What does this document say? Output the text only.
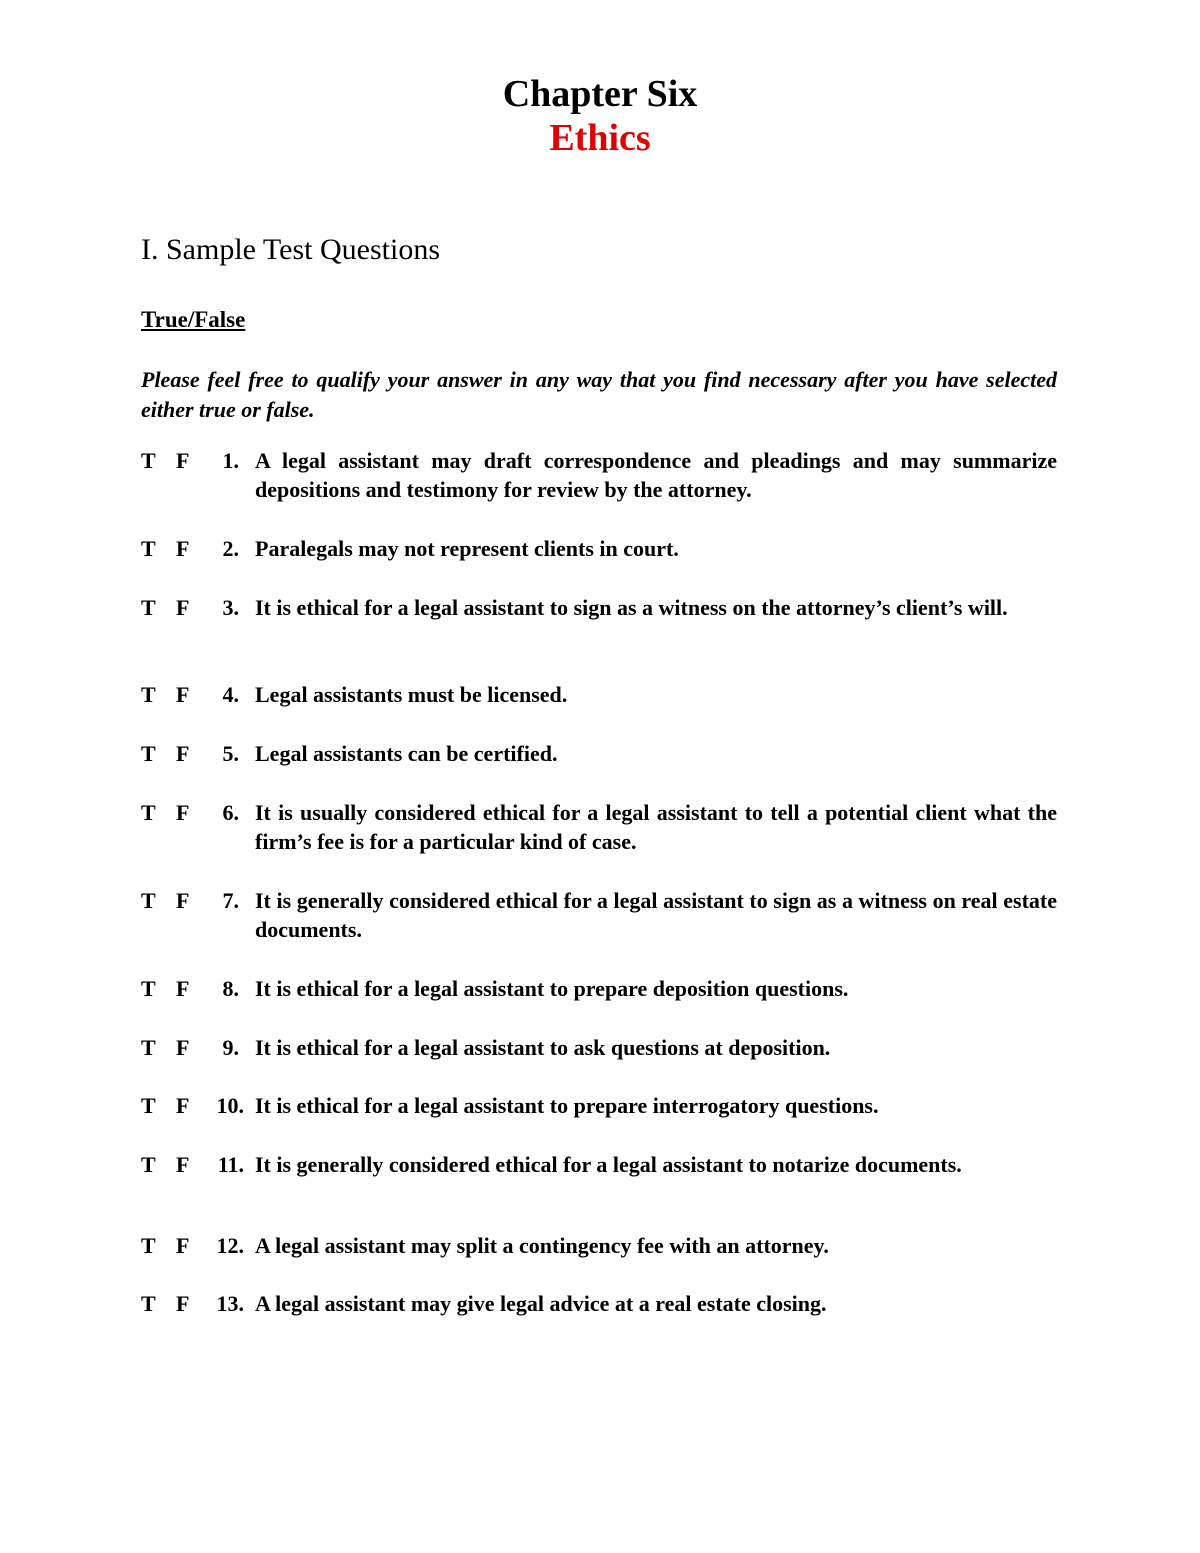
Chapter Six
Ethics
I. Sample Test Questions
True/False
Please feel free to qualify your answer in any way that you find necessary after you have selected either true or false.
T F	1. A legal assistant may draft correspondence and pleadings and may summarize depositions and testimony for review by the attorney.
T F	2. Paralegals may not represent clients in court.
T F	3. It is ethical for a legal assistant to sign as a witness on the attorney’s client’s will.
T F	4. Legal assistants must be licensed.
T F	5. Legal assistants can be certified.
T F	6. It is usually considered ethical for a legal assistant to tell a potential client what the firm’s fee is for a particular kind of case.
T F	7. It is generally considered ethical for a legal assistant to sign as a witness on real estate documents.
T F	8. It is ethical for a legal assistant to prepare deposition questions.
T F	9. It is ethical for a legal assistant to ask questions at deposition.
T F	10. It is ethical for a legal assistant to prepare interrogatory questions.
T F	11. It is generally considered ethical for a legal assistant to notarize documents.
T F	12. A legal assistant may split a contingency fee with an attorney.
T F	13. A legal assistant may give legal advice at a real estate closing.
